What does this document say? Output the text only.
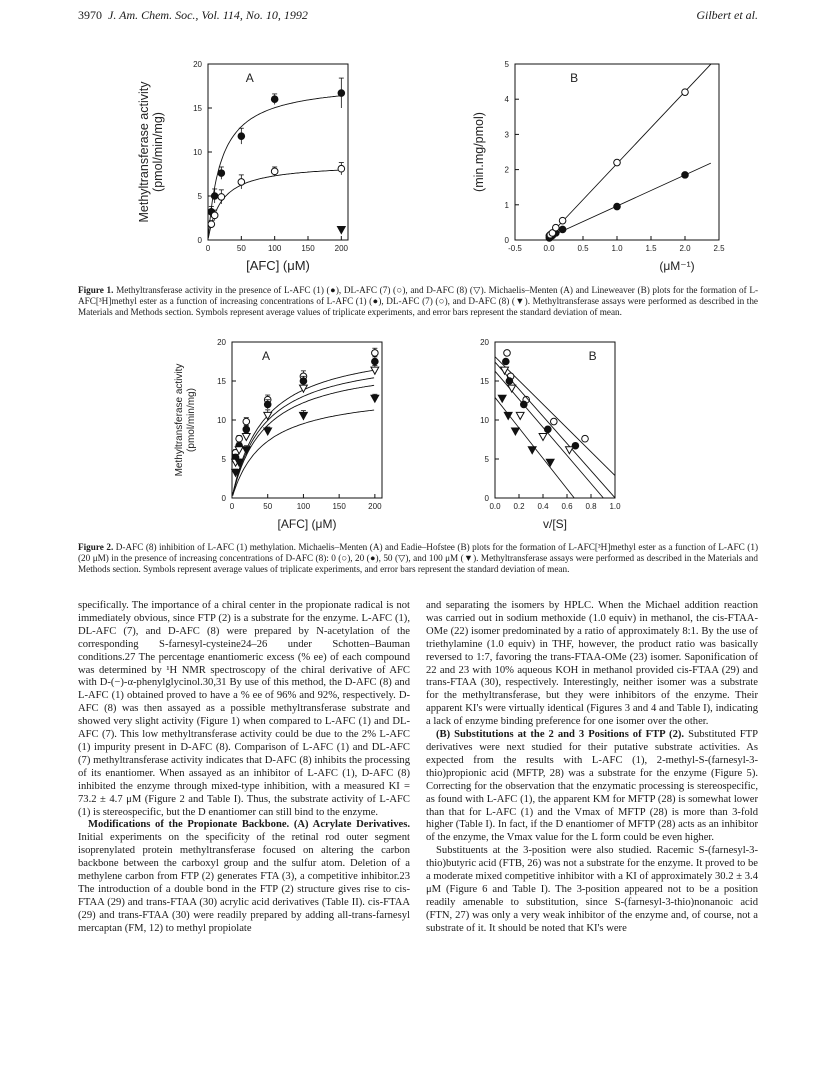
3970 J. Am. Chem. Soc., Vol. 114, No. 10, 1992	Gilbert et al.
0	50	100 150 200
0
5
10
15
20
A
[AFC] (μM)
Methyltransferase activity (pmol/min/mg)
-0.5	0.0	0.5	1.0	1.5	2.0	2.5
0
1
2
3
4
5
B
(μM⁻¹)
(min.mg/pmol)
Figure 1. Methyltransferase activity in the presence of L-AFC (1) (●), DL-AFC (7) (○), and D-AFC (8) (▽). Michaelis–Menten (A) and Lineweaver (B) plots for the formation of L-AFC[³H]methyl ester as a function of increasing concentrations of L-AFC (1) (●), DL-AFC (7) (○), and D-AFC (8) (▼). Methyltransferase assays were performed as described in the Materials and Methods section. Symbols represent average values of triplicate experiments, and error bars represent the standard deviation of mean.
0	50	100	150	200
0
5
10
15
20
A
[AFC] (μM)
Methyltransferase activity (pmol/min/mg)
0.0 0.2 0.4 0.6 0.8 1.0
0
5
10
15
20
B
v/[S]
Figure 2. D-AFC (8) inhibition of L-AFC (1) methylation. Michaelis–Menten (A) and Eadie–Hofstee (B) plots for the formation of L-AFC[³H]methyl ester as a function of L-AFC (1) (20 μM) in the presence of increasing concentrations of D-AFC (8): 0 (○), 20 (●), 50 (▽), and 100 μM (▼). Methyltransferase assays were performed as described in the Materials and Methods section. Symbols represent average values of triplicate experiments, and error bars represent the standard deviation of mean.

specifically. The importance of a chiral center in the propionate radical is not immediately obvious, since FTP (2) is a substrate for the enzyme. L-AFC (1), DL-AFC (7), and D-AFC (8) were prepared by N-acetylation of the corresponding S-farnesyl-cysteine24–26 under Schotten–Bauman conditions.27 The percentage enantiomeric excess (% ee) of each compound was determined by ¹H NMR spectroscopy of the chiral derivative of AFC with D-(−)-α-phenylglycinol.30,31 By use of this method, the D-AFC (8) and L-AFC (1) obtained proved to have a % ee of 96% and 92%, respectively. D-AFC (8) was then assayed as a possible methyltransferase substrate and showed very slight activity (Figure 1) when compared to L-AFC (1) and DL-AFC (7). This low methyltransferase activity could be due to the 2% L-AFC (1) impurity present in D-AFC (8). Comparison of L-AFC (1) and DL-AFC (7) methyltransferase activity indicates that D-AFC (8) inhibits the processing of its enantiomer. When assayed as an inhibitor of L-AFC (1), D-AFC (8) inhibited the enzyme through mixed-type inhibition, with a measured KI = 73.2 ± 4.7 μM (Figure 2 and Table I). Thus, the substrate activity of L-AFC (1) is stereospecific, but the D enantiomer can still bind to the enzyme.

Modifications of the Propionate Backbone. (A) Acrylate Derivatives. Initial experiments on the specificity of the retinal rod outer segment isoprenylated protein methyltransferase focused on altering the carbon backbone between the carboxyl group and the sulfur atom. Deletion of a methylene carbon from FTP (2) generates FTA (3), a competitive inhibitor.23 The introduction of a double bond in the FTP (2) structure gives rise to cis-FTAA (29) and trans-FTAA (30) acrylic acid derivatives (Table II). cis-FTAA (29) and trans-FTAA (30) were readily prepared by adding all-trans-farnesyl mercaptan (FM, 12) to methyl propiolate

and separating the isomers by HPLC. When the Michael addition reaction was carried out in sodium methoxide (1.0 equiv) in methanol, the cis-FTAA-OMe (22) isomer predominated by a ratio of approximately 8:1. By the use of triethylamine (1.0 equiv) in THF, however, the product ratio was basically reversed to 1:7, favoring the trans-FTAA-OMe (23) isomer. Saponification of 22 and 23 with 10% aqueous KOH in methanol provided cis-FTAA (29) and trans-FTAA (30), respectively. Interestingly, neither isomer was a substrate for the methyltransferase, but they were inhibitors of the enzyme. Their apparent KI's were virtually identical (Figures 3 and 4 and Table I), indicating a lack of enzyme binding preference for one isomer over the other.

(B) Substitutions at the 2 and 3 Positions of FTP (2). Substituted FTP derivatives were next studied for their putative substrate activities. As expected from the results with L-AFC (1), 2-methyl-S-(farnesyl-3-thio)propionic acid (MFTP, 28) was a substrate for the enzyme (Figure 5). Correcting for the observation that the enzymatic processing is stereospecific, as found with L-AFC (1), the apparent KM for MFTP (28) is somewhat lower than that for L-AFC (1) and the Vmax of MFTP (28) is more than 3-fold higher (Table I). In fact, if the D enantiomer of MFTP (28) acts as an inhibitor of the enzyme, the Vmax value for the L form could be even higher.

Substituents at the 3-position were also studied. Racemic S-(farnesyl-3-thio)butyric acid (FTB, 26) was not a substrate for the enzyme. It proved to be a moderate mixed competitive inhibitor with a KI of approximately 30.2 ± 3.4 μM (Figure 6 and Table I). The 3-position appeared not to be a position readily amenable to substitution, since S-(farnesyl-3-thio)nonanoic acid (FTN, 27) was only a very weak inhibitor of the enzyme and, of course, not a substrate of it. It should be noted that KI's were
